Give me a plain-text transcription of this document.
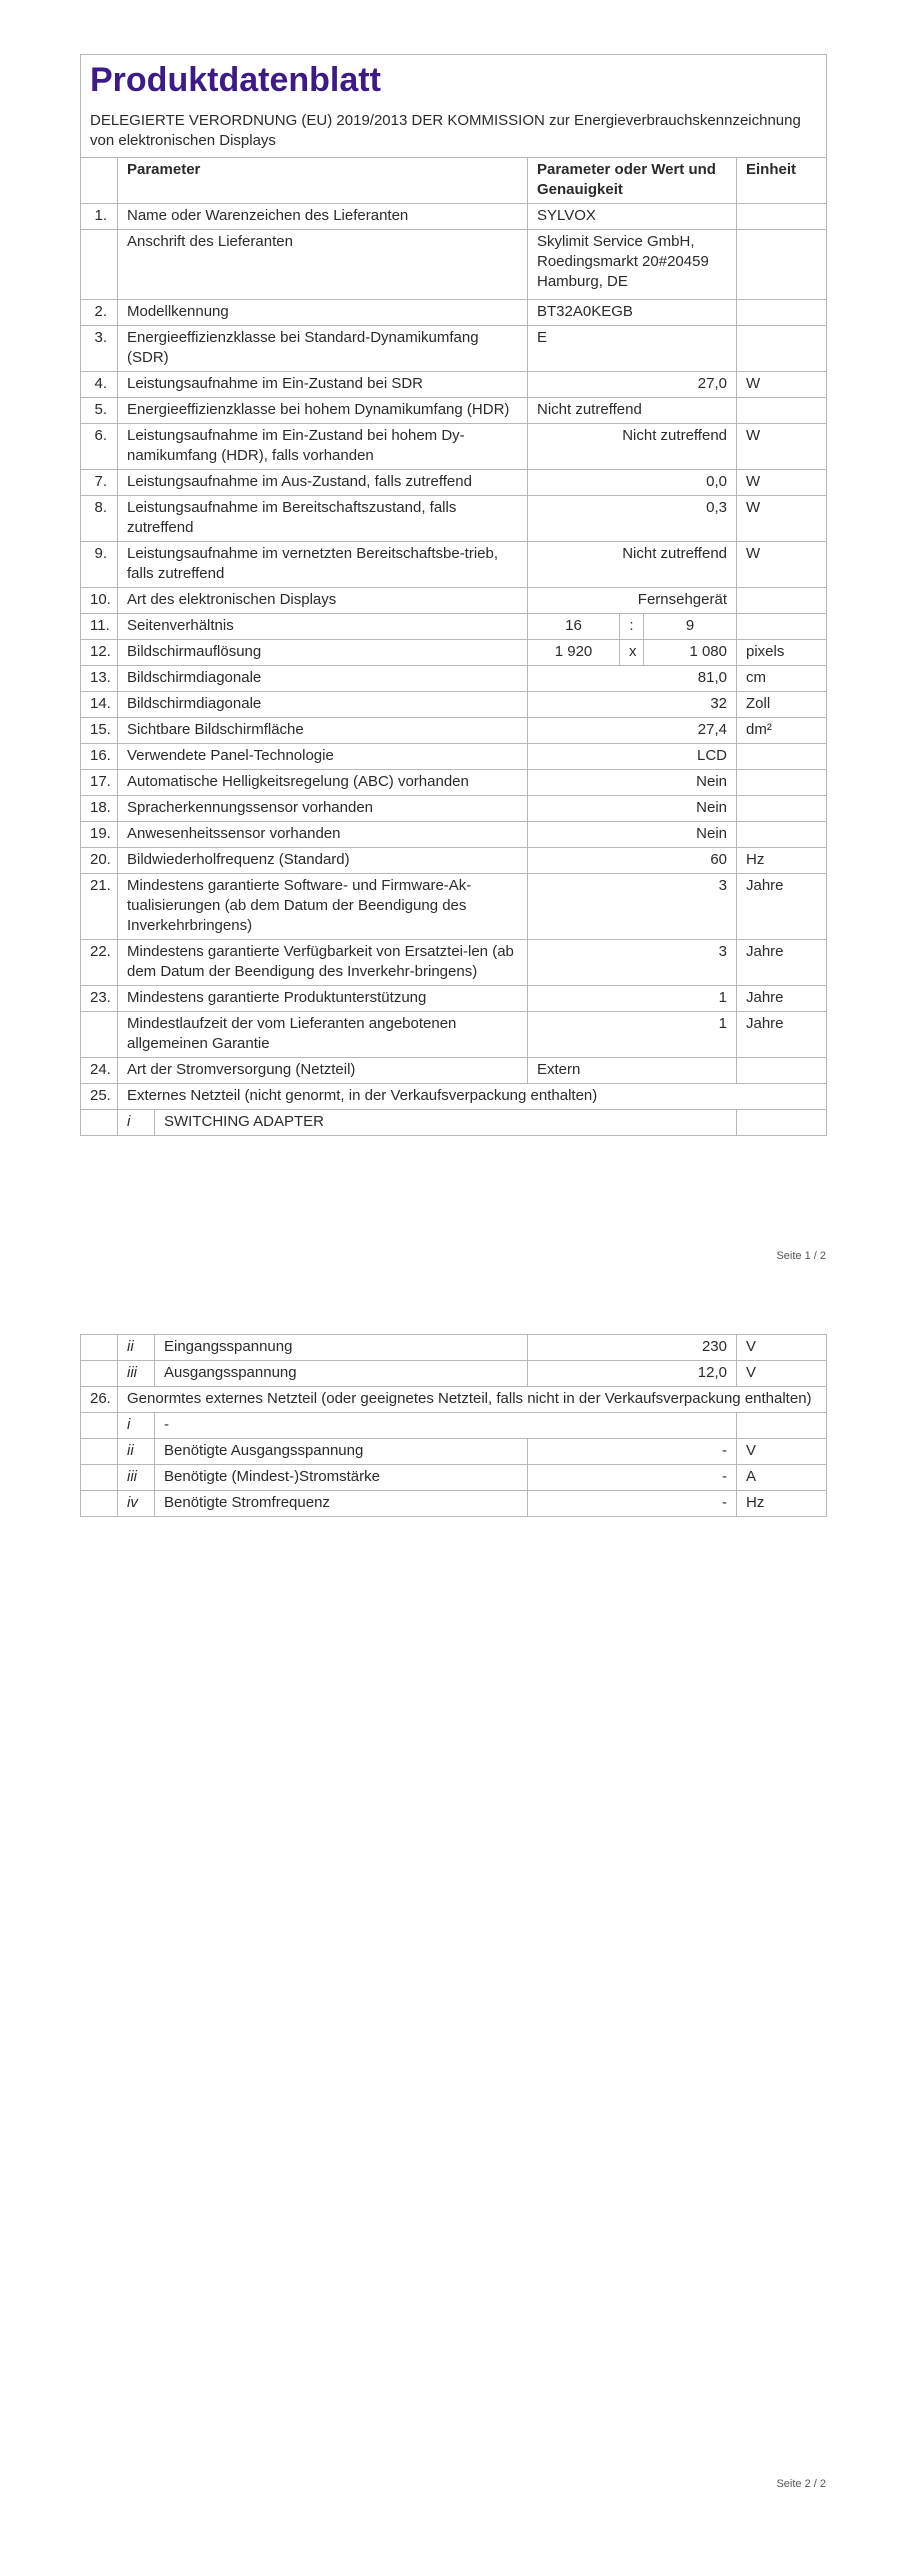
Produktdatenblatt
DELEGIERTE VERORDNUNG (EU) 2019/2013 DER KOMMISSION zur Energieverbrauchskennzeichnung von elektronischen Displays						

	Parameter		Parameter oder Wert und Genauigkeit			Einheit
1.	Name oder Warenzeichen des Lieferanten		SYLVOX			
	Anschrift des Lieferanten		Skylimit Service GmbH, Roedingsmarkt 20#20459 Hamburg, DE			
2.	Modellkennung		BT32A0KEGB			
3.	Energieeffizienzklasse bei Standard-Dynamikumfang (SDR)		E			
4.	Leistungsaufnahme im Ein-Zustand bei SDR		27,0			W
5.	Energieeffizienzklasse bei hohem Dynamikumfang (HDR)		Nicht zutreffend			
6.	Leistungsaufnahme im Ein-Zustand bei hohem Dy-namikumfang (HDR), falls vorhanden		Nicht zutreffend			W
7.	Leistungsaufnahme im Aus-Zustand, falls zutreffend		0,0			W
8.	Leistungsaufnahme im Bereitschaftszustand, falls zutreffend		0,3			W
9.	Leistungsaufnahme im vernetzten Bereitschaftsbe-trieb, falls zutreffend		Nicht zutreffend			W
10.	Art des elektronischen Displays		Fernsehgerät			
11.	Seitenverhältnis		16	:	9	
12.	Bildschirmauflösung		1 920	x	1 080	pixels
13.	Bildschirmdiagonale		81,0			cm
14.	Bildschirmdiagonale		32			Zoll
15.	Sichtbare Bildschirmfläche		27,4			dm²
16.	Verwendete Panel-Technologie		LCD			
17.	Automatische Helligkeitsregelung (ABC) vorhanden		Nein			
18.	Spracherkennungssensor vorhanden		Nein			
19.	Anwesenheitssensor vorhanden		Nein			
20.	Bildwiederholfrequenz (Standard)		60			Hz
21.	Mindestens garantierte Software- und Firmware-Ak-tualisierungen (ab dem Datum der Beendigung des Inverkehrbringens)		3			Jahre
22.	Mindestens garantierte Verfügbarkeit von Ersatztei-len (ab dem Datum der Beendigung des Inverkehr-bringens)		3			Jahre
23.	Mindestens garantierte Produktunterstützung		1			Jahre
	Mindestlaufzeit der vom Lieferanten angebotenen allgemeinen Garantie		1			Jahre
24.	Art der Stromversorgung (Netzteil)		Extern			
25.	Externes Netzteil (nicht genormt, in der Verkaufsverpackung enthalten)					
	i	SWITCHING ADAPTER				
Seite 1 / 2
	ii	Eingangsspannung	230	V
	iii	Ausgangsspannung	12,0	V
26.	Genormtes externes Netzteil (oder geeignetes Netzteil, falls nicht in der Verkaufsverpackung enthalten)			
	i	-		
	ii	Benötigte Ausgangsspannung	-	V
	iii	Benötigte (Mindest-)Stromstärke	-	A
	iv	Benötigte Stromfrequenz	-	Hz
Seite 2 / 2
